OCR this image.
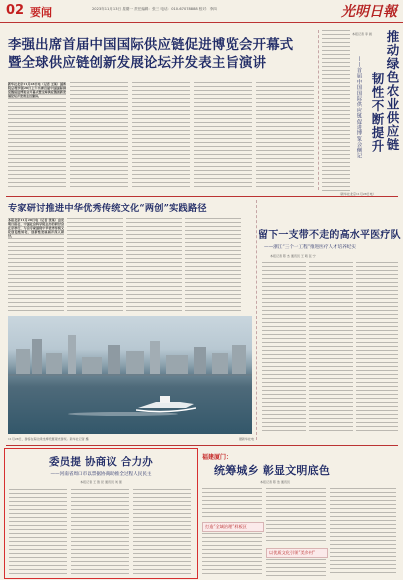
02 要闻	2023年11月13日 星期一 责任编辑：张三 电话：010-67078888 校对：李四	光明日報
李强出席首届中国国际供应链促进博览会开幕式
暨全球供应链创新发展论坛并发表主旨演讲
新华社北京11月28日电（记者 王某）国务院总理李强28日上午出席首届中国国际供应链促进博览会开幕式暨全球供应链创新发展论坛并发表主旨演讲。	推动绿色农业供应链
韧性不断提升
——首届中国国际供应链促进博览会侧记
本报记者 李 晨
（新华社北京11月28日电）
专家研讨推进中华优秀传统文化“两创”实践路径
本报北京11月28日电（记者 张某）由光明日报社、中国社会科学院主办的研讨会在京举行，与会专家围绕中华优秀传统文化创造性转化、创新性发展展开深入研讨。
11月28日，游客在海边乘坐摩托艇观光游玩。新华社记者 摄	据新华社电
留下一支带不走的高水平医疗队
——浙江“三个一工程”推进医疗人才培养纪实
本报记者 陈 杰 通讯员 王 萌 张 宁
委员提 协商议 合力办
——河南省周口市以票据协商助推全过程人民民主
本报记者 王 胜 昆 通讯员 刘 蕾
福建厦门：
统筹城乡 彰显文明底色
本报记者 陈 浩 通讯员
打造“全域治理”样板区
以优质文化引领“美乡村”
